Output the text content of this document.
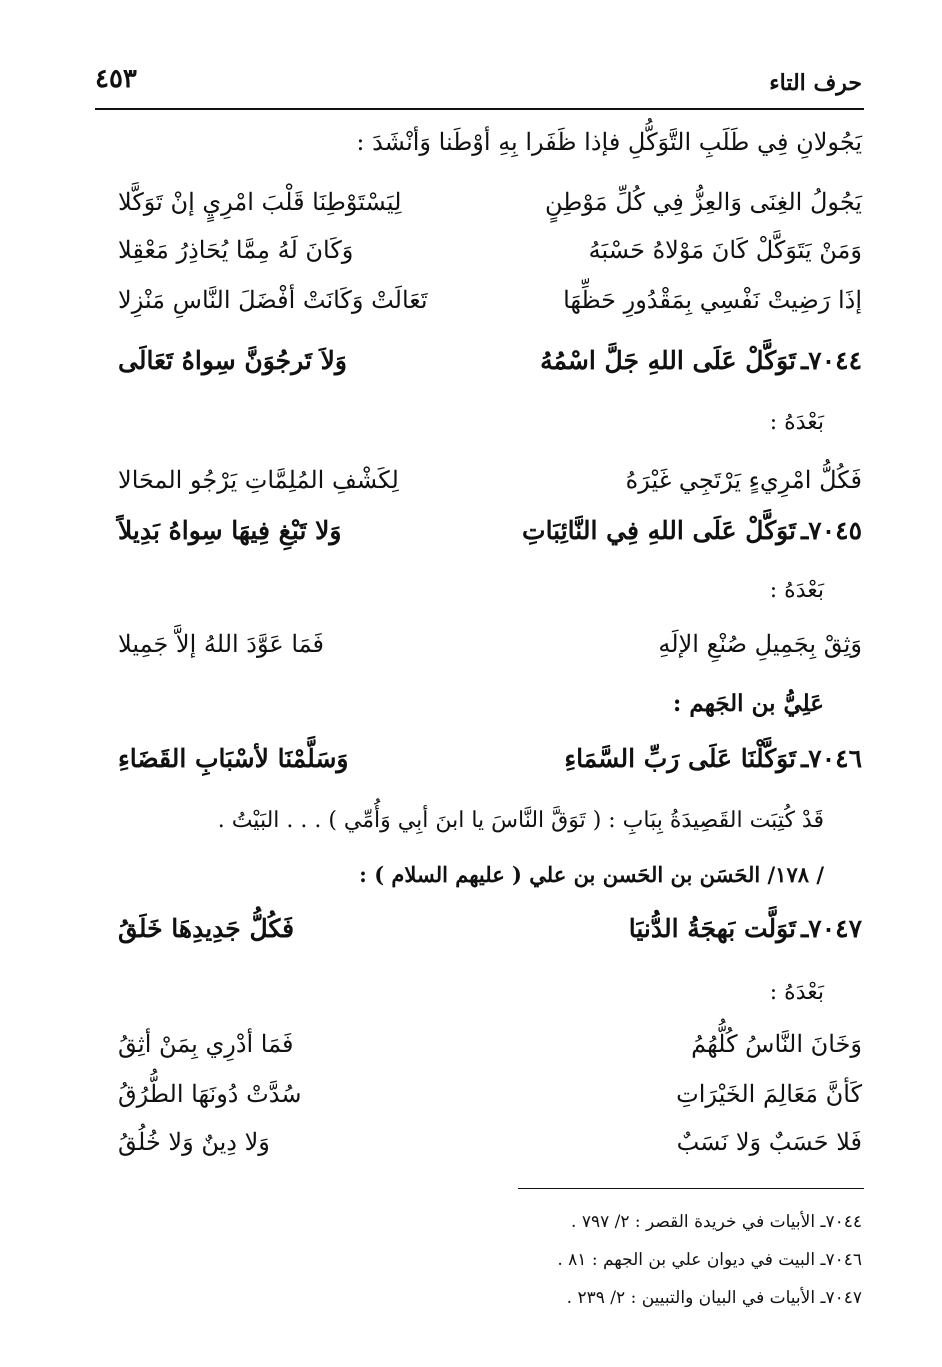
حرف التاء
٤٥٣
يَجُولانِ فِي طَلَبِ التَّوَكُّلِ فإذا ظَفَرا بِهِ أوْطَنا وَأنْشَدَ :
يَجُولُ الغِنَى وَالعِزُّ فِي كُلِّ مَوْطِنٍ
لِيَسْتَوْطِنَا قَلْبَ امْرِيٍ إنْ تَوَكَّلا
وَمَنْ يَتَوَكَّلْ كَانَ مَوْلاهُ حَسْبَهُ
وَكَانَ لَهُ مِمَّا يُحَاذِرُ مَعْقِلا
إذَا رَضِيتْ نَفْسِي بِمَقْدُورِ حَظِّهَا
تَعَالَتْ وَكَانَتْ أفْضَلَ النَّاسِ مَنْزِلا
٧٠٤٤ـ
تَوَكَّلْ عَلَى اللهِ جَلَّ اسْمُهُ
وَلاَ تَرجُوَنَّ سِواهُ تَعَالَى
بَعْدَهُ :
فَكُلُّ امْرِيءٍ يَرْتَجِي غَيْرَهُ
لِكَشْفِ المُلِمَّاتِ يَرْجُو المحَالا
٧٠٤٥ـ
تَوَكَّلْ عَلَى اللهِ فِي النَّائِبَاتِ
وَلا تَبْغِ فِيهَا سِواهُ بَدِيلاً
بَعْدَهُ :
وَثِقْ بِجَمِيلِ صُنْعِ الإلَهِ
فَمَا عَوَّدَ اللهُ إلاَّ جَمِيلا
عَلِيُّ بن الجَهم :
٧٠٤٦ـ
تَوَكَّلْنَا عَلَى رَبِّ السَّمَاءِ
وَسَلَّمْنَا لأسْبَابِ القَضَاءِ
قَدْ كُتِبَت القَصِيدَةُ بِبَابِ : ( تَوَقَّ النَّاسَ يا ابنَ أبِي وَأُمِّي ) . . . البَيْتُ .
/ ١٧٨/ الحَسَن بن الحَسن بن علي ( عليهم السلام ) :
٧٠٤٧ـ
تَوَلَّت بَهجَةُ الدُّنيَا
فَكُلُّ جَدِيدِهَا خَلَقُ
بَعْدَهُ :
وَخَانَ النَّاسُ كُلُّهُمُ
فَمَا أدْرِي بِمَنْ أثِقُ
كَأنَّ مَعَالِمَ الخَيْرَاتِ
سُدَّتْ دُونَهَا الطُّرُقُ
فَلا حَسَبٌ وَلا نَسَبٌ
وَلا دِينٌ وَلا خُلُقُ
٧٠٤٤ـ الأبيات في خريدة القصر : ٢/ ٧٩٧ .
٧٠٤٦ـ البيت في ديوان علي بن الجهم : ٨١ .
٧٠٤٧ـ الأبيات في البيان والتبيين : ٢/ ٢٣٩ .
